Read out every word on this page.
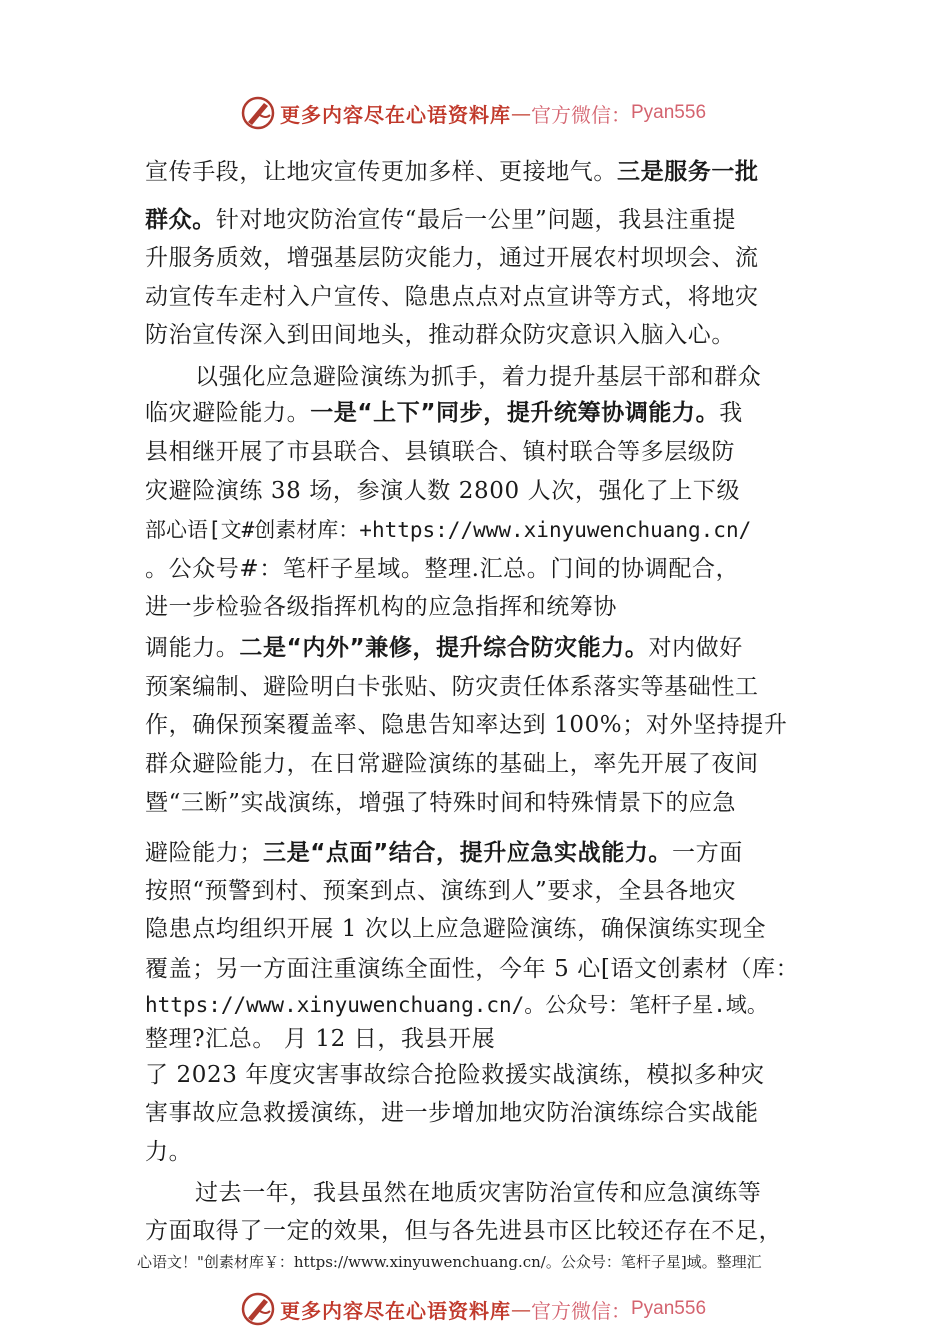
更多内容尽在心语资料库 — 官方微信： Pyan556
宣传手段，让地灾宣传更加多样、更接地气。三是服务一批
群众。针对地灾防治宣传“最后一公里”问题，我县注重提
升服务质效，增强基层防灾能力，通过开展农村坝坝会、流
动宣传车走村入户宣传、隐患点点对点宣讲等方式，将地灾
防治宣传深入到田间地头，推动群众防灾意识入脑入心。
以强化应急避险演练为抓手，着力提升基层干部和群众
临灾避险能力。一是“上下”同步，提升统筹协调能力。我
县相继开展了市县联合、县镇联合、镇村联合等多层级防
灾避险演练 38 场，参演人数 2800 人次，强化了上下级
部心语[文#创素材库：+https://www.xinyuwenchuang.cn/
。公众号#：笔杆子星域。整理.汇总。门间的协调配合，
进一步检验各级指挥机构的应急指挥和统筹协
调能力。二是“内外”兼修，提升综合防灾能力。对内做好
预案编制、避险明白卡张贴、防灾责任体系落实等基础性工
作，确保预案覆盖率、隐患告知率达到 100%；对外坚持提升
群众避险能力，在日常避险演练的基础上，率先开展了夜间
暨“三断”实战演练，增强了特殊时间和特殊情景下的应急
避险能力；三是“点面”结合，提升应急实战能力。一方面
按照“预警到村、预案到点、演练到人”要求，全县各地灾
隐患点均组织开展 1 次以上应急避险演练，确保演练实现全
覆盖；另一方面注重演练全面性，今年 5 心[语文创素材（库：
https://www.xinyuwenchuang.cn/。公众号：笔杆子星.域。
整理?汇总。 月 12 日，我县开展
了 2023 年度灾害事故综合抢险救援实战演练，模拟多种灾
害事故应急救援演练，进一步增加地灾防治演练综合实战能
力。
过去一年，我县虽然在地质灾害防治宣传和应急演练等
方面取得了一定的效果，但与各先进县市区比较还存在不足，
心语文！"创素材库￥：https://www.xinyuwenchuang.cn/。公众号：笔杆子星]域。整理汇
更多内容尽在心语资料库 — 官方微信： Pyan556
